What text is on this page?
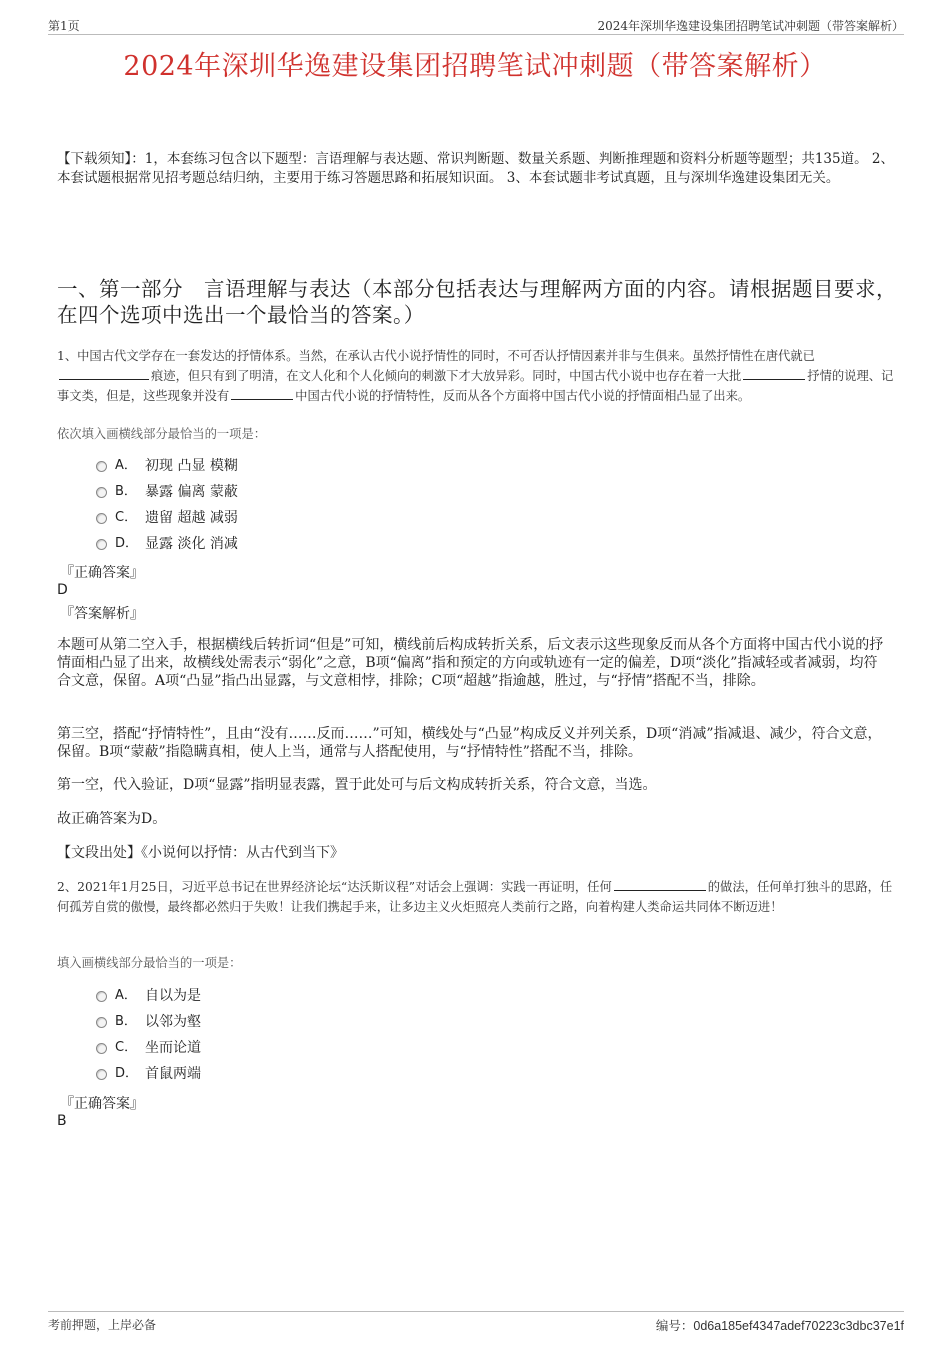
第1页	2024年深圳华逸建设集团招聘笔试冲刺题（带答案解析）
2024年深圳华逸建设集团招聘笔试冲刺题（带答案解析）
【下载须知】：1，本套练习包含以下题型：言语理解与表达题、常识判断题、数量关系题、判断推理题和资料分析题等题型；共135道。 2、本套试题根据常见招考题总结归纳，主要用于练习答题思路和拓展知识面。 3、本套试题非考试真题，且与深圳华逸建设集团无关。
一、第一部分　言语理解与表达（本部分包括表达与理解两方面的内容。请根据题目要求，在四个选项中选出一个最恰当的答案。）
1、中国古代文学存在一套发达的抒情体系。当然，在承认古代小说抒情性的同时，不可否认抒情因素并非与生俱来。虽然抒情性在唐代就已痕迹，但只有到了明清，在文人化和个人化倾向的刺激下才大放异彩。同时，中国古代小说中也存在着一大批	抒情的说理、记事文类，但是，这些现象并没有	中国古代小说的抒情特性，反而从各个方面将中国古代小说的抒情面相凸显了出来。
依次填入画横线部分最恰当的一项是：
A． 初现 凸显 模糊
B． 暴露 偏离 蒙蔽
C． 遗留 超越 减弱
D． 显露 淡化 消减
『正确答案』
D
『答案解析』
本题可从第二空入手，根据横线后转折词“但是”可知，横线前后构成转折关系，后文表示这些现象反而从各个方面将中国古代小说的抒情面相凸显了出来，故横线处需表示“弱化”之意，B项“偏离”指和预定的方向或轨迹有一定的偏差，D项“淡化”指减轻或者减弱，均符合文意，保留。A项“凸显”指凸出显露，与文意相悖，排除；C项“超越”指逾越，胜过，与“抒情”搭配不当，排除。
第三空，搭配“抒情特性”，且由“没有……反而……”可知，横线处与“凸显”构成反义并列关系，D项“消减”指减退、减少，符合文意，保留。B项“蒙蔽”指隐瞒真相，使人上当，通常与人搭配使用，与“抒情特性”搭配不当，排除。
第一空，代入验证，D项“显露”指明显表露，置于此处可与后文构成转折关系，符合文意，当选。
故正确答案为D。
【文段出处】《小说何以抒情：从古代到当下》
2、2021年1月25日，习近平总书记在世界经济论坛“达沃斯议程”对话会上强调：实践一再证明，任何	的做法，任何单打独斗的思路，任何孤芳自赏的傲慢，最终都必然归于失败！让我们携起手来，让多边主义火炬照亮人类前行之路，向着构建人类命运共同体不断迈进！
填入画横线部分最恰当的一项是：
A． 自以为是
B． 以邻为壑
C． 坐而论道
D． 首鼠两端
『正确答案』
B
考前押题，上岸必备	编号：0d6a185ef4347adef70223c3dbc37e1f
